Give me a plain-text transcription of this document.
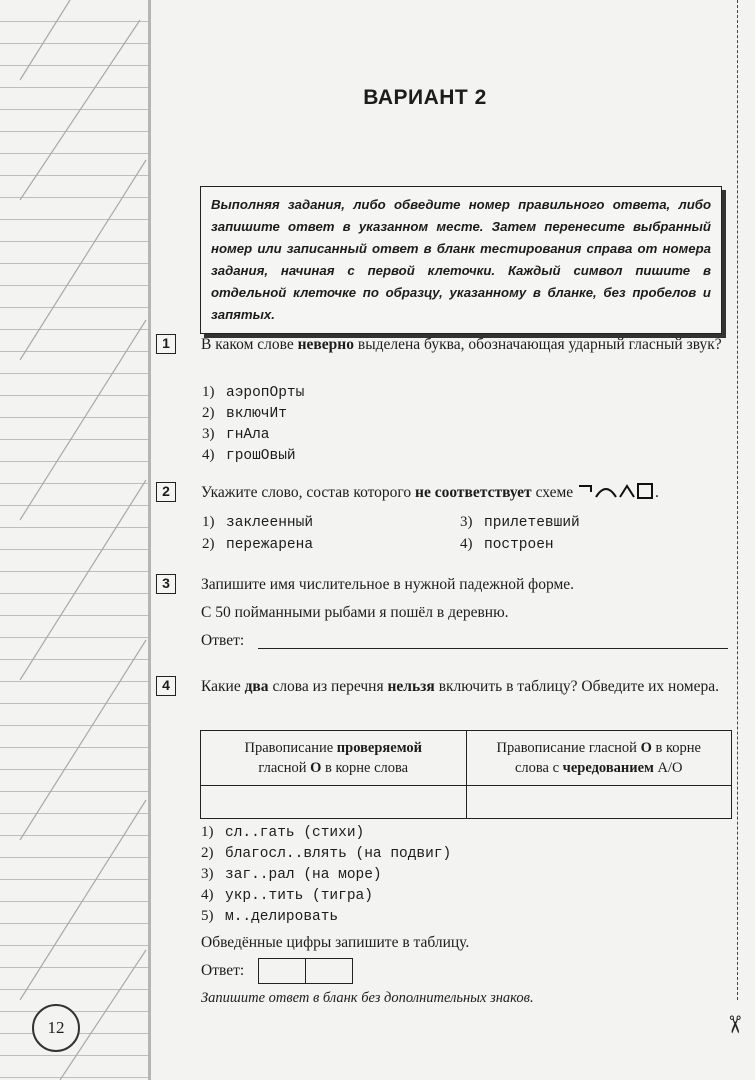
12	✂
ВАРИАНТ 2
Выполняя задания, либо обведите номер правильного ответа, либо запишите ответ в указанном месте. Затем перенесите выбранный номер или записанный ответ в бланк тестирования справа от номера задания, начиная с первой клеточки. Каждый символ пишите в отдельной клеточке по образцу, указанному в бланке, без пробелов и запятых.
1	В каком слове неверно выделена буква, обозначающая ударный гласный звук?
1) аэропОрты
2) включИт
3) гнАла
4) грошОвый
2	Укажите слово, состав которого не соответствует схеме	.
1) заклеенный
2) пережарена
3) прилетевший
4) построен
3	Запишите имя числительное в нужной падежной форме.
С 50 пойманными рыбами я пошёл в деревню.
Ответ:
4	Какие два слова из перечня нельзя включить в таблицу? Обведите их номера.
Правописание проверяемой
гласной О в корне слова	Правописание гласной О в корне
слова с чередованием А/О

1) сл..гать (стихи)
2) благосл..влять (на подвиг)
3) заг..рал (на море)
4) укр..тить (тигра)
5) м..делировать
Обведённые цифры запишите в таблицу.
Ответ:
Запишите ответ в бланк без дополнительных знаков.
